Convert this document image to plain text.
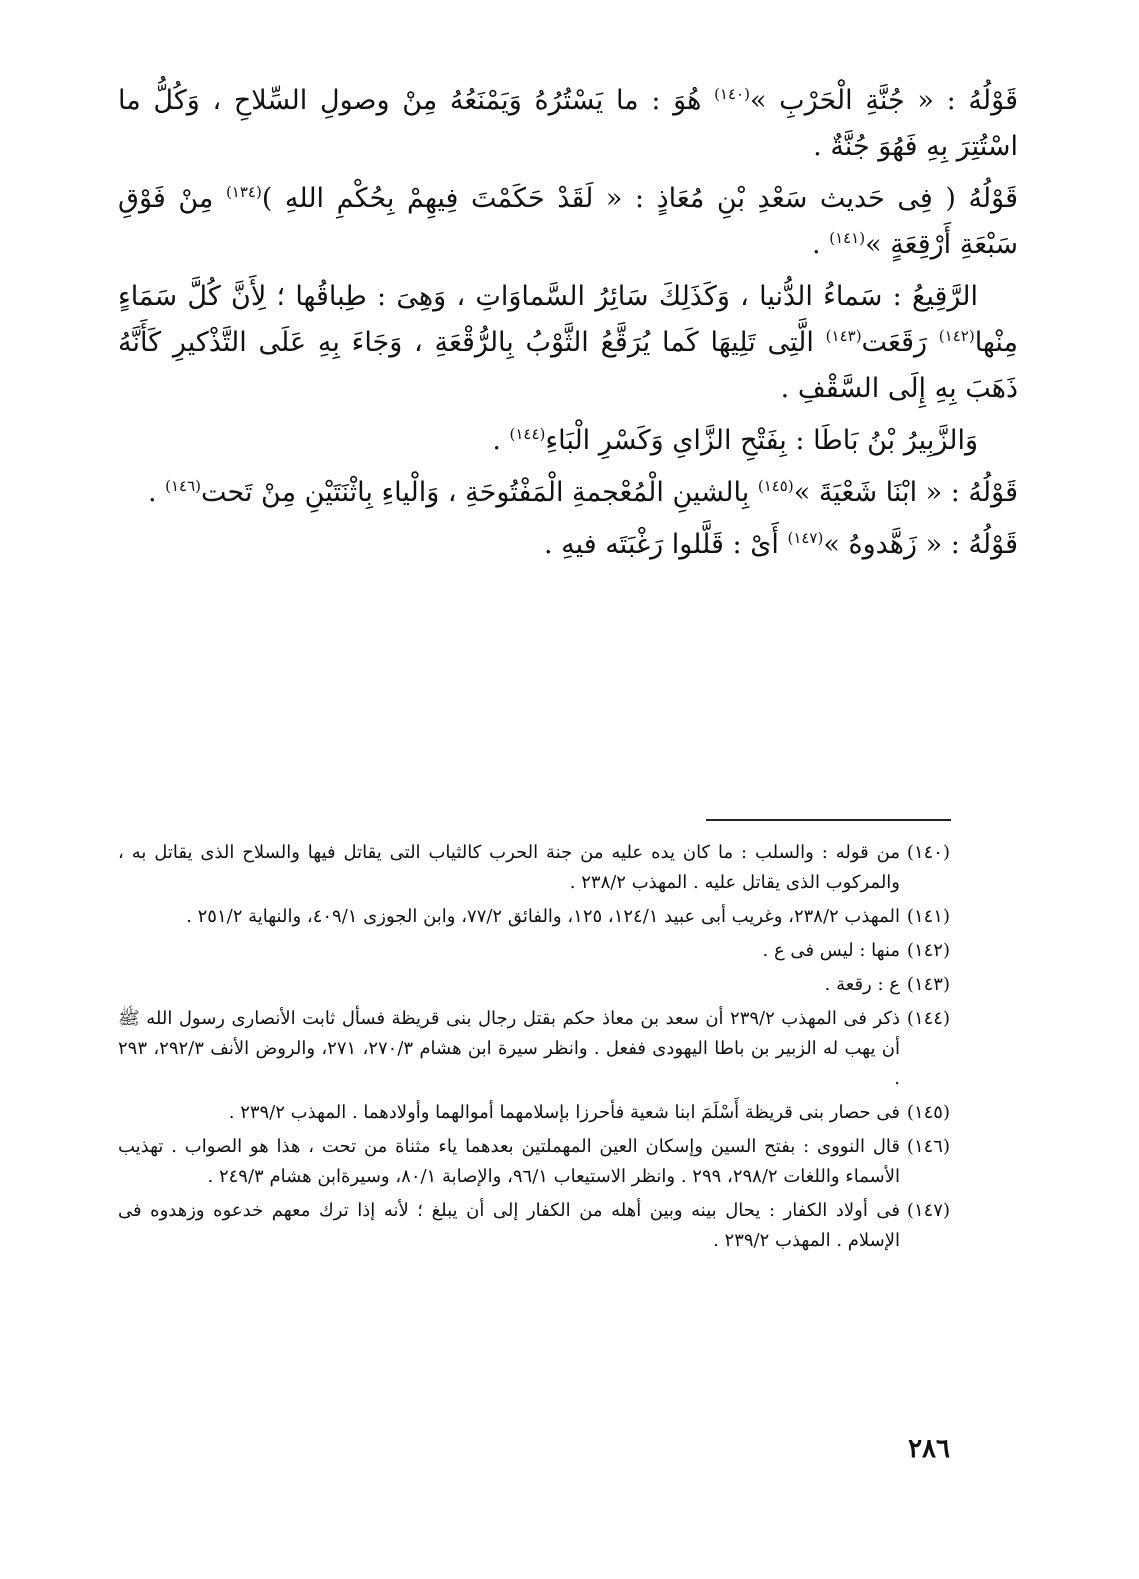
قَوْلُهُ : « جُنَّةِ الْحَرْبِ »$^{(١٤٠)}$ هُوَ : ما يَسْتُرُهُ وَيَمْنَعُهُ مِنْ وصولِ السِّلاحِ ، وَكُلُّ ما اسْتُتِرَ بِهِ فَهُوَ جُنَّةٌ .

قَوْلُهُ ( فِى حَديث سَعْدِ بْنِ مُعَاذٍ : « لَقَدْ حَكَمْتَ فِيهِمْ بِحُكْمِ اللهِ )$^{(١٣٤)}$ مِنْ فَوْقِ سَبْعَةِ أَرْقِعَةٍ »$^{(١٤١)}$ .

الرَّقِيعُ : سَماءُ الدُّنيا ، وَكَذَلِكَ سَائِرُ السَّماوَاتِ ، وَهِىَ : طِباقُها ؛ لِأَنَّ كُلَّ سَمَاءٍ مِنْها$^{(١٤٢)}$ رَقَعَت$^{(١٤٣)}$ الَّتِى تَلِيهَا كَما يُرَقَّعُ الثَّوْبُ بِالرُّقْعَةِ ، وَجَاءَ بِهِ عَلَى التَّذْكيرِ كَأَنَّهُ ذَهَبَ بِهِ إِلَى السَّقْفِ .

وَالزَّبِيرُ بْنُ بَاطَا : بِفَتْحِ الزَّاىِ وَكَسْرِ الْبَاءِ$^{(١٤٤)}$ .

قَوْلُهُ : « ابْنَا شَعْيَةَ »$^{(١٤٥)}$ بِالشينِ الْمُعْجمةِ الْمَفْتُوحَةِ ، وَالْياءِ بِاثْنَتَيْنِ مِنْ تَحت$^{(١٤٦)}$ .

قَوْلُهُ : « زَهَّدوهُ »$^{(١٤٧)}$ أَىْ : قَلَّلوا رَغْبَتَه فيهِ .

(١٤٠)
من قوله : والسلب : ما كان يده عليه من جنة الحرب كالثياب التى يقاتل فيها والسلاح الذى يقاتل به ، والمركوب الذى يقاتل عليه . المهذب ٢٣٨/٢ .
(١٤١)
المهذب ٢٣٨/٢، وغريب أبى عبيد ١٢٤/١، ١٢٥، والفائق ٧٧/٢، وابن الجوزى ٤٠٩/١، والنهاية ٢٥١/٢ .
(١٤٢)
منها : ليس فى ع .
(١٤٣)
ع : رقعة .
(١٤٤)
ذكر فى المهذب ٢٣٩/٢ أن سعد بن معاذ حكم بقتل رجال بنى قريظة فسأل ثابت الأنصارى رسول الله ﷺ أن يهب له الزبير بن باطا اليهودى ففعل . وانظر سيرة ابن هشام ٢٧٠/٣، ٢٧١، والروض الأنف ٢٩٢/٣، ٢٩٣ .
(١٤٥)
فى حصار بنى قريظة أَسْلَمَ ابنا شعية فأحرزا بإسلامهما أموالهما وأولادهما . المهذب ٢٣٩/٢ .
(١٤٦)
قال النووى : بفتح السين وإسكان العين المهملتين بعدهما ياء مثناة من تحت ، هذا هو الصواب . تهذيب الأسماء واللغات ٢٩٨/٢، ٢٩٩ . وانظر الاستيعاب ٩٦/١، والإصابة ٨٠/١، وسيرةابن هشام ٢٤٩/٣ .
(١٤٧)
فى أولاد الكفار : يحال بينه وبين أهله من الكفار إلى أن يبلغ ؛ لأنه إذا ترك معهم خدعوه وزهدوه فى الإسلام . المهذب ٢٣٩/٢ .
٢٨٦
